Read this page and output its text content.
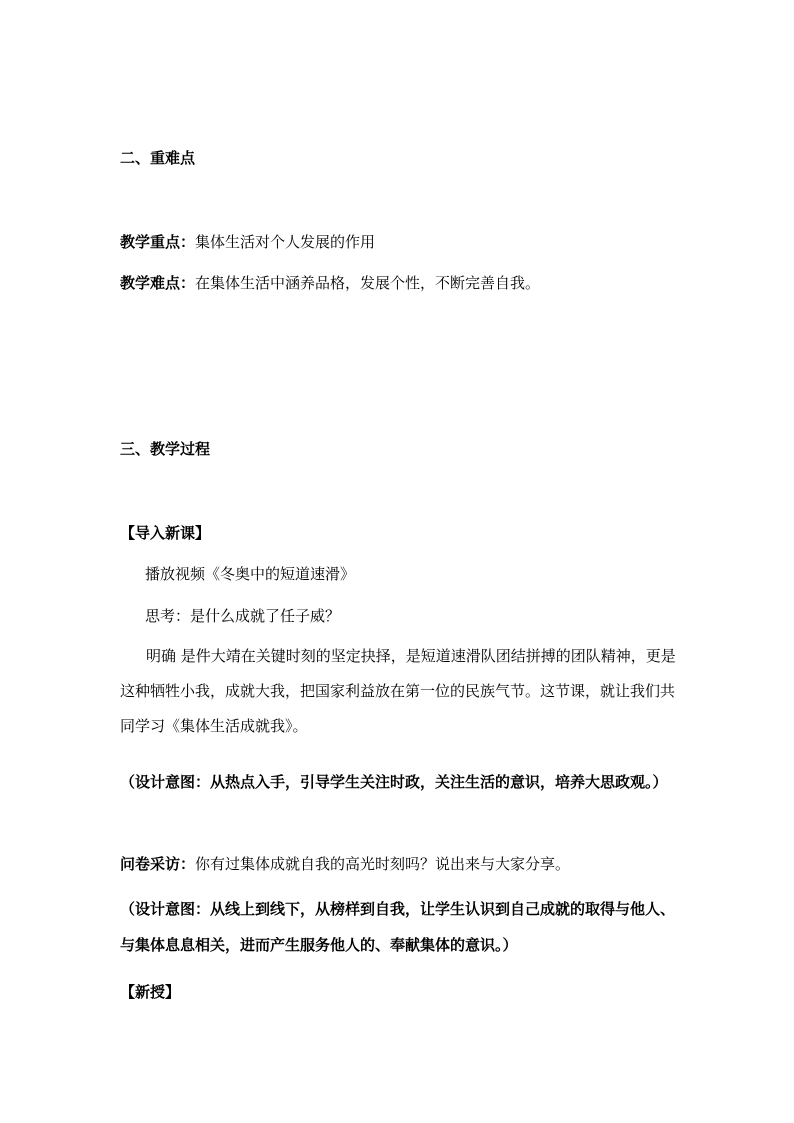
二、重难点
教学重点：集体生活对个人发展的作用
教学难点：在集体生活中涵养品格，发展个性，不断完善自我。
三、教学过程
【导入新课】
播放视频《冬奥中的短道速滑》
思考：是什么成就了任子威？

明确 是件大靖在关键时刻的坚定抉择，是短道速滑队团结拼搏的团队精神，更是这种牺牲小我，成就大我，把国家利益放在第一位的民族气节。这节课，就让我们共同学习《集体生活成就我》。

（设计意图：从热点入手，引导学生关注时政，关注生活的意识，培养大思政观。）

问卷采访：你有过集体成就自我的高光时刻吗？说出来与大家分享。

（设计意图：从线上到线下，从榜样到自我，让学生认识到自己成就的取得与他人、与集体息息相关，进而产生服务他人的、奉献集体的意识。）

【新授】
